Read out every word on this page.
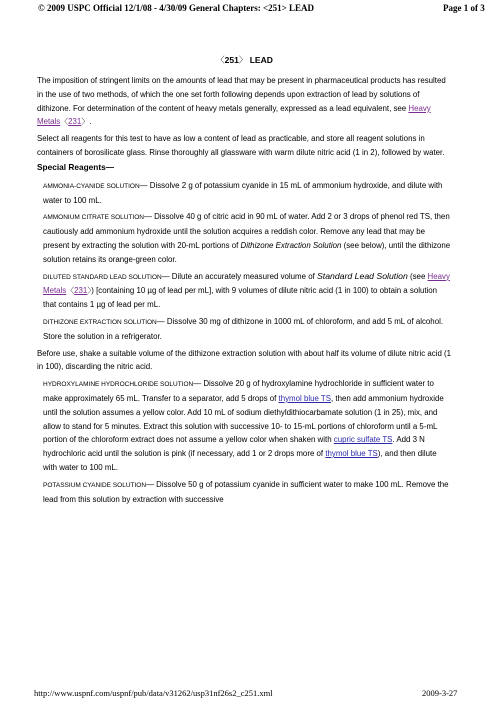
© 2009 USPC Official 12/1/08 - 4/30/09 General Chapters: <251> LEAD	Page 1 of 3
〈251〉 LEAD

The imposition of stringent limits on the amounts of lead that may be present in pharmaceutical products has resulted in the use of two methods, of which the one set forth following depends upon extraction of lead by solutions of dithizone. For determination of the content of heavy metals generally, expressed as a lead equivalent, see Heavy Metals〈231〉.

Select all reagents for this test to have as low a content of lead as practicable, and store all reagent solutions in containers of borosilicate glass. Rinse thoroughly all glassware with warm dilute nitric acid (1 in 2), followed by water.

Special Reagents—

AMMONIA-CYANIDE SOLUTION— Dissolve 2 g of potassium cyanide in 15 mL of ammonium hydroxide, and dilute with water to 100 mL.

AMMONIUM CITRATE SOLUTION— Dissolve 40 g of citric acid in 90 mL of water. Add 2 or 3 drops of phenol red TS, then cautiously add ammonium hydroxide until the solution acquires a reddish color. Remove any lead that may be present by extracting the solution with 20-mL portions of Dithizone Extraction Solution (see below), until the dithizone solution retains its orange-green color.

DILUTED STANDARD LEAD SOLUTION— Dilute an accurately measured volume of Standard Lead Solution (see Heavy Metals〈231〉) [containing 10 µg of lead per mL], with 9 volumes of dilute nitric acid (1 in 100) to obtain a solution that contains 1 µg of lead per mL.

DITHIZONE EXTRACTION SOLUTION— Dissolve 30 mg of dithizone in 1000 mL of chloroform, and add 5 mL of alcohol. Store the solution in a refrigerator.

Before use, shake a suitable volume of the dithizone extraction solution with about half its volume of dilute nitric acid (1 in 100), discarding the nitric acid.

HYDROXYLAMINE HYDROCHLORIDE SOLUTION— Dissolve 20 g of hydroxylamine hydrochloride in sufficient water to make approximately 65 mL. Transfer to a separator, add 5 drops of thymol blue TS, then add ammonium hydroxide until the solution assumes a yellow color. Add 10 mL of sodium diethyldithiocarbamate solution (1 in 25), mix, and allow to stand for 5 minutes. Extract this solution with successive 10- to 15-mL portions of chloroform until a 5-mL portion of the chloroform extract does not assume a yellow color when shaken with cupric sulfate TS. Add 3 N hydrochloric acid until the solution is pink (if necessary, add 1 or 2 drops more of thymol blue TS), and then dilute with water to 100 mL.

POTASSIUM CYANIDE SOLUTION— Dissolve 50 g of potassium cyanide in sufficient water to make 100 mL. Remove the lead from this solution by extraction with successive

http://www.uspnf.com/uspnf/pub/data/v31262/usp31nf26s2_c251.xml	2009-3-27
